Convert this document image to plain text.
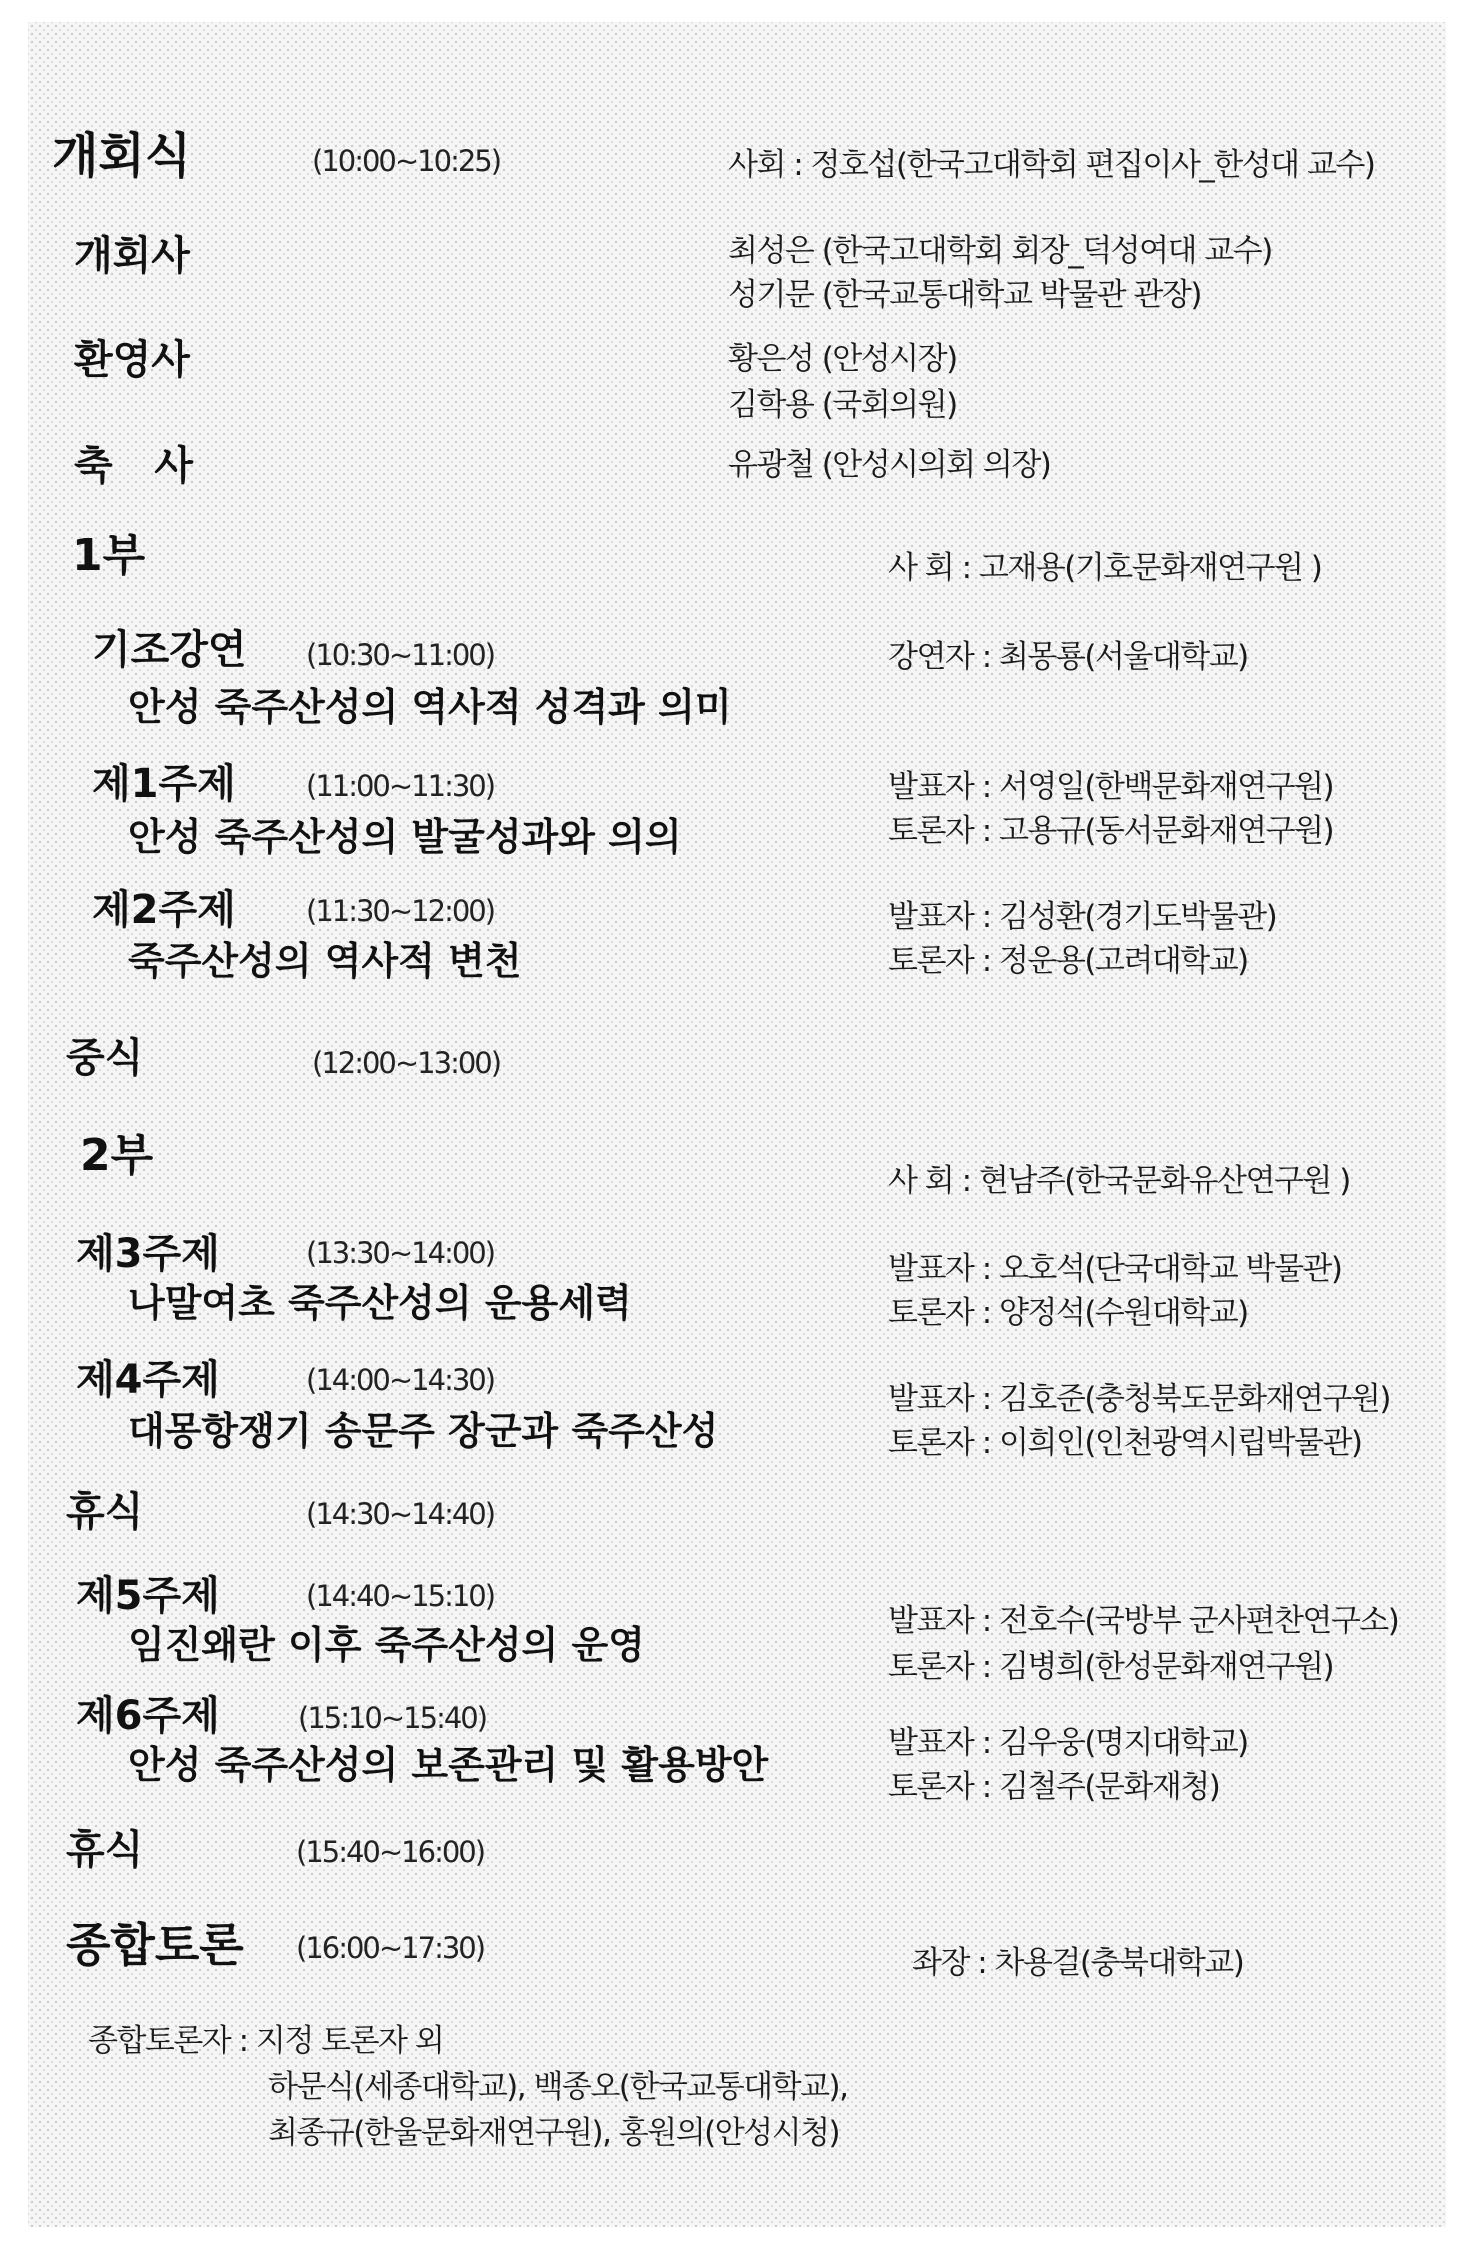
개회식	(10:00~10:25)	사회 : 정호섭(한국고대학회 편집이사_한성대 교수)
개회사	최성은 (한국고대학회 회장_덕성여대 교수)
성기문 (한국교통대학교 박물관 관장)
환영사	황은성 (안성시장)
김학용 (국회의원)
축   사	유광철 (안성시의회 의장)
1부	사 회 : 고재용(기호문화재연구원 )
기조강연 (10:30~11:00)
안성 죽주산성의 역사적 성격과 의미
강연자 : 최몽룡(서울대학교)
제1주제 (11:00~11:30)
안성 죽주산성의 발굴성과와 의의
발표자 : 서영일(한백문화재연구원)
토론자 : 고용규(동서문화재연구원)
제2주제 (11:30~12:00)
죽주산성의 역사적 변천
발표자 : 김성환(경기도박물관)
토론자 : 정운용(고려대학교)
중식	(12:00~13:00)
2부	사 회 : 현남주(한국문화유산연구원 )
제3주제	(13:30~14:00)
나말여초 죽주산성의 운용세력
발표자 : 오호석(단국대학교 박물관)
토론자 : 양정석(수원대학교)
제4주제	(14:00~14:30)
대몽항쟁기 송문주 장군과 죽주산성
발표자 : 김호준(충청북도문화재연구원)
토론자 : 이희인(인천광역시립박물관)
휴식	(14:30~14:40)
제5주제	(14:40~15:10)
임진왜란 이후 죽주산성의 운영
발표자 : 전호수(국방부 군사편찬연구소)
토론자 : 김병희(한성문화재연구원)
제6주제	(15:10~15:40)
안성 죽주산성의 보존관리 및 활용방안	발표자 : 김우웅(명지대학교)
토론자 : 김철주(문화재청)
휴식	(15:40~16:00)
종합토론 (16:00~17:30)	좌장 : 차용걸(충북대학교)
종합토론자 : 지정 토론자 외
하문식(세종대학교), 백종오(한국교통대학교),
최종규(한울문화재연구원), 홍원의(안성시청)
